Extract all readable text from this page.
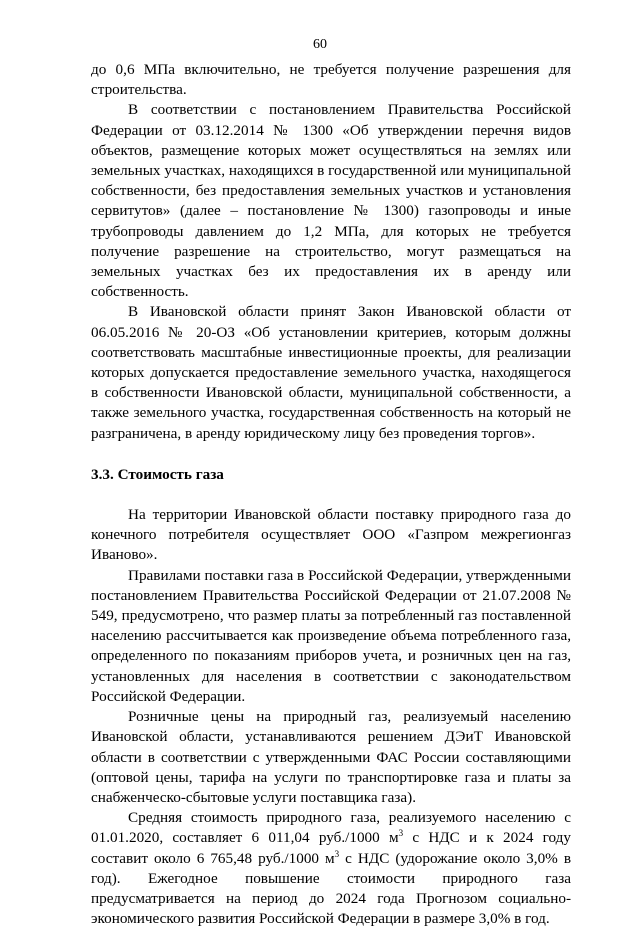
60

до 0,6 МПа включительно, не требуется получение разрешения для строительства.

В соответствии с постановлением Правительства Российской Федерации от 03.12.2014 № 1300 «Об утверждении перечня видов объектов, размещение которых может осуществляться на землях или земельных участках, находящихся в государственной или муниципальной собственности, без предоставления земельных участков и установления сервитутов» (далее – постановление № 1300) газопроводы и иные трубопроводы давлением до 1,2 МПа, для которых не требуется получение разрешение на строительство, могут размещаться на земельных участках без их предоставления их в аренду или собственность.

В Ивановской области принят Закон Ивановской области от 06.05.2016 № 20-ОЗ «Об установлении критериев, которым должны соответствовать масштабные инвестиционные проекты, для реализации которых допускается предоставление земельного участка, находящегося в собственности Ивановской области, муниципальной собственности, а также земельного участка, государственная собственность на который не разграничена, в аренду юридическому лицу без проведения торгов».

3.3. Стоимость газа

На территории Ивановской области поставку природного газа до конечного потребителя осуществляет ООО «Газпром межрегионгаз Иваново».

Правилами поставки газа в Российской Федерации, утвержденными постановлением Правительства Российской Федерации от 21.07.2008 № 549, предусмотрено, что размер платы за потребленный газ поставленной населению рассчитывается как произведение объема потребленного газа, определенного по показаниям приборов учета, и розничных цен на газ, установленных для населения в соответствии с законодательством Российской Федерации.

Розничные цены на природный газ, реализуемый населению Ивановской области, устанавливаются решением ДЭиТ Ивановской области в соответствии с утвержденными ФАС России составляющими (оптовой цены, тарифа на услуги по транспортировке газа и платы за снабженческо-сбытовые услуги поставщика газа).

Средняя стоимость природного газа, реализуемого населению с 01.01.2020, составляет 6 011,04 руб./1000 $м^3$ с НДС и к 2024 году составит около 6 765,48 руб./1000 $м^3$ с НДС (удорожание около 3,0% в год). Ежегодное повышение стоимости природного газа предусматривается на период до 2024 года Прогнозом социально-экономического развития Российской Федерации в размере 3,0% в год.
